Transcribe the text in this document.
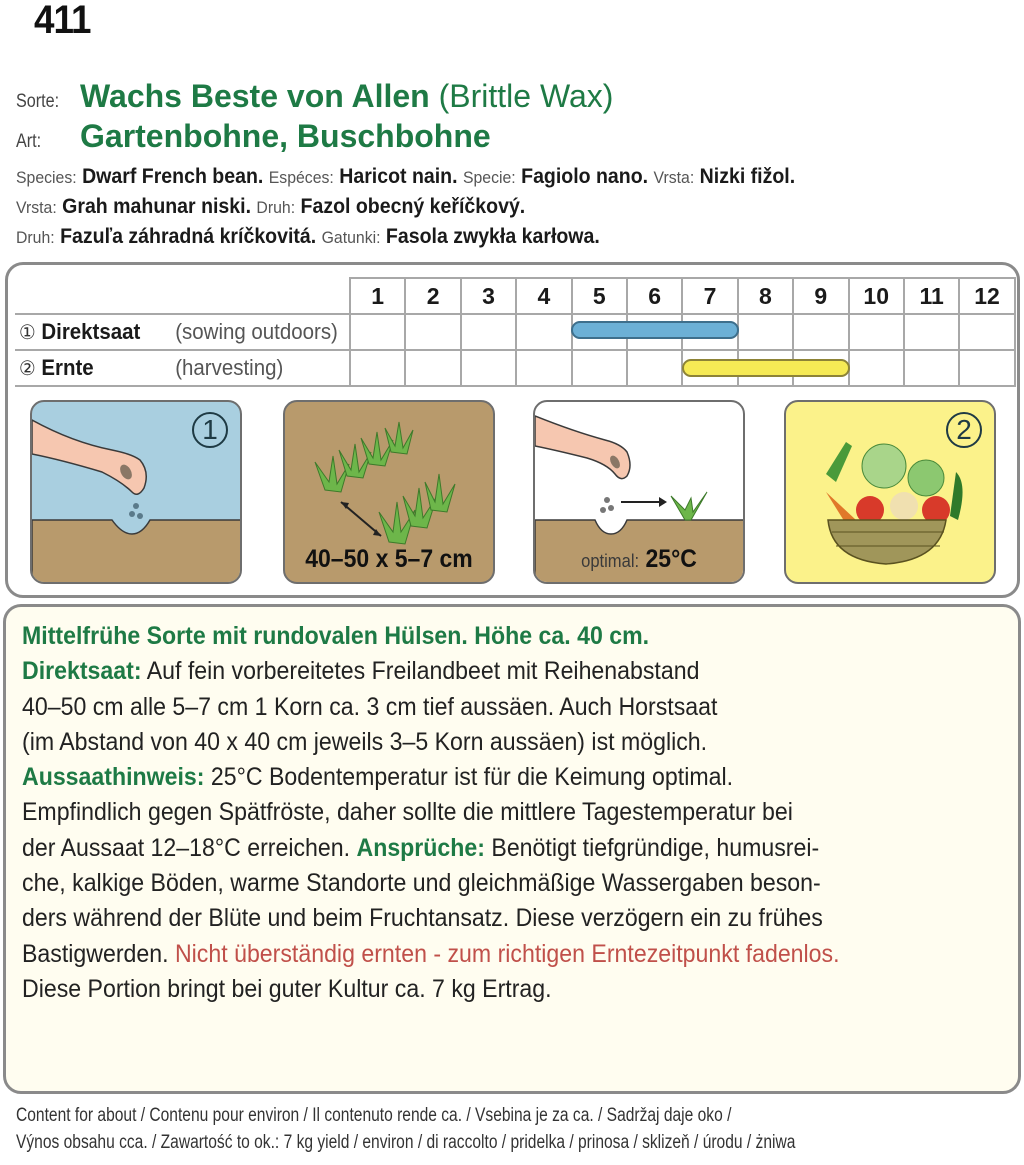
411
Sorte: Wachs Beste von Allen (Brittle Wax)
Art: Gartenbohne, Buschbohne
Species: Dwarf French bean. Espéces: Haricot nain. Specie: Fagiolo nano. Vrsta: Nizki fižol.
Vrsta: Grah mahunar niski. Druh: Fazol obecný keříčkový.
Druh: Fazuľa záhradná kríčkovitá. Gatunki: Fasola zwykła karłowa.
	1	2	3	4	5	6	7	8	9	10	11	12

① Direktsaat (sowing outdoors)												

② Ernte (harvesting)												

1
40–50 x 5–7 cm	optimal: 25°C
2

Mittelfrühe Sorte mit rundovalen Hülsen. Höhe ca. 40 cm.

Direktsaat: Auf fein vorbereitetes Freilandbeet mit Reihenabstand

40–50 cm alle 5–7 cm 1 Korn ca. 3 cm tief aussäen. Auch Horstsaat

(im Abstand von 40 x 40 cm jeweils 3–5 Korn aussäen) ist möglich.

Aussaathinweis: 25°C Bodentemperatur ist für die Keimung optimal.

Empfindlich gegen Spätfröste, daher sollte die mittlere Tagestemperatur bei

der Aussaat 12–18°C erreichen. Ansprüche: Benötigt tiefgründige, humusrei-

che, kalkige Böden, warme Standorte und gleichmäßige Wassergaben beson-

ders während der Blüte und beim Fruchtansatz. Diese verzögern ein zu frühes

Bastigwerden. Nicht überständig ernten - zum richtigen Erntezeitpunkt fadenlos.

Diese Portion bringt bei guter Kultur ca. 7 kg Ertrag.

Content for about / Contenu pour environ / Il contenuto rende ca. / Vsebina je za ca. / Sadržaj daje oko /
Výnos obsahu cca. / Zawartość to ok.: 7 kg yield / environ / di raccolto / pridelka / prinosa / sklizeň / úrodu / żniwa
